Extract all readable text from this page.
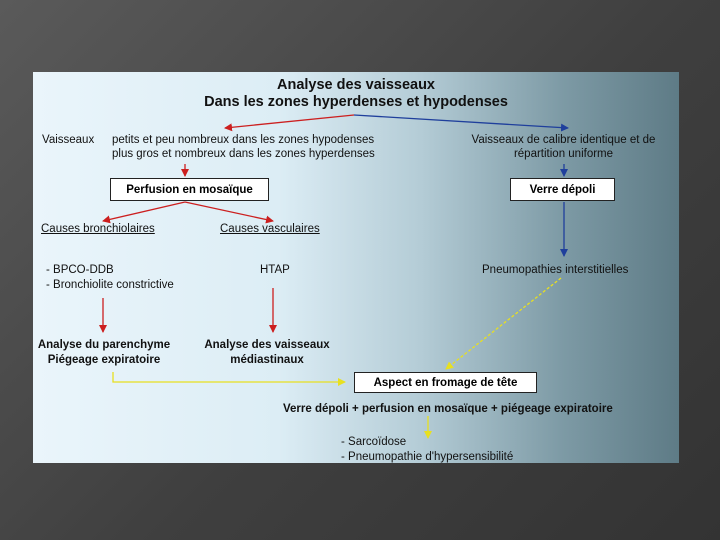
Analyse des vaisseaux
Dans les zones hyperdenses et hypodenses
Vaisseaux petits et peu nombreux dans les zones hypodenses
plus gros et nombreux dans les zones hyperdenses
Vaisseaux de calibre identique et de
répartition uniforme
Perfusion en mosaïque	Verre dépoli
Causes bronchiolaires	Causes vasculaires
- BPCO-DDB
- Bronchiolite constrictive
HTAP	Pneumopathies interstitielles
Analyse du parenchyme
Piégeage expiratoire
Analyse des vaisseaux
médiastinaux
Aspect en fromage de tête
Verre dépoli + perfusion en mosaïque + piégeage expiratoire
- Sarcoïdose
- Pneumopathie d'hypersensibilité
